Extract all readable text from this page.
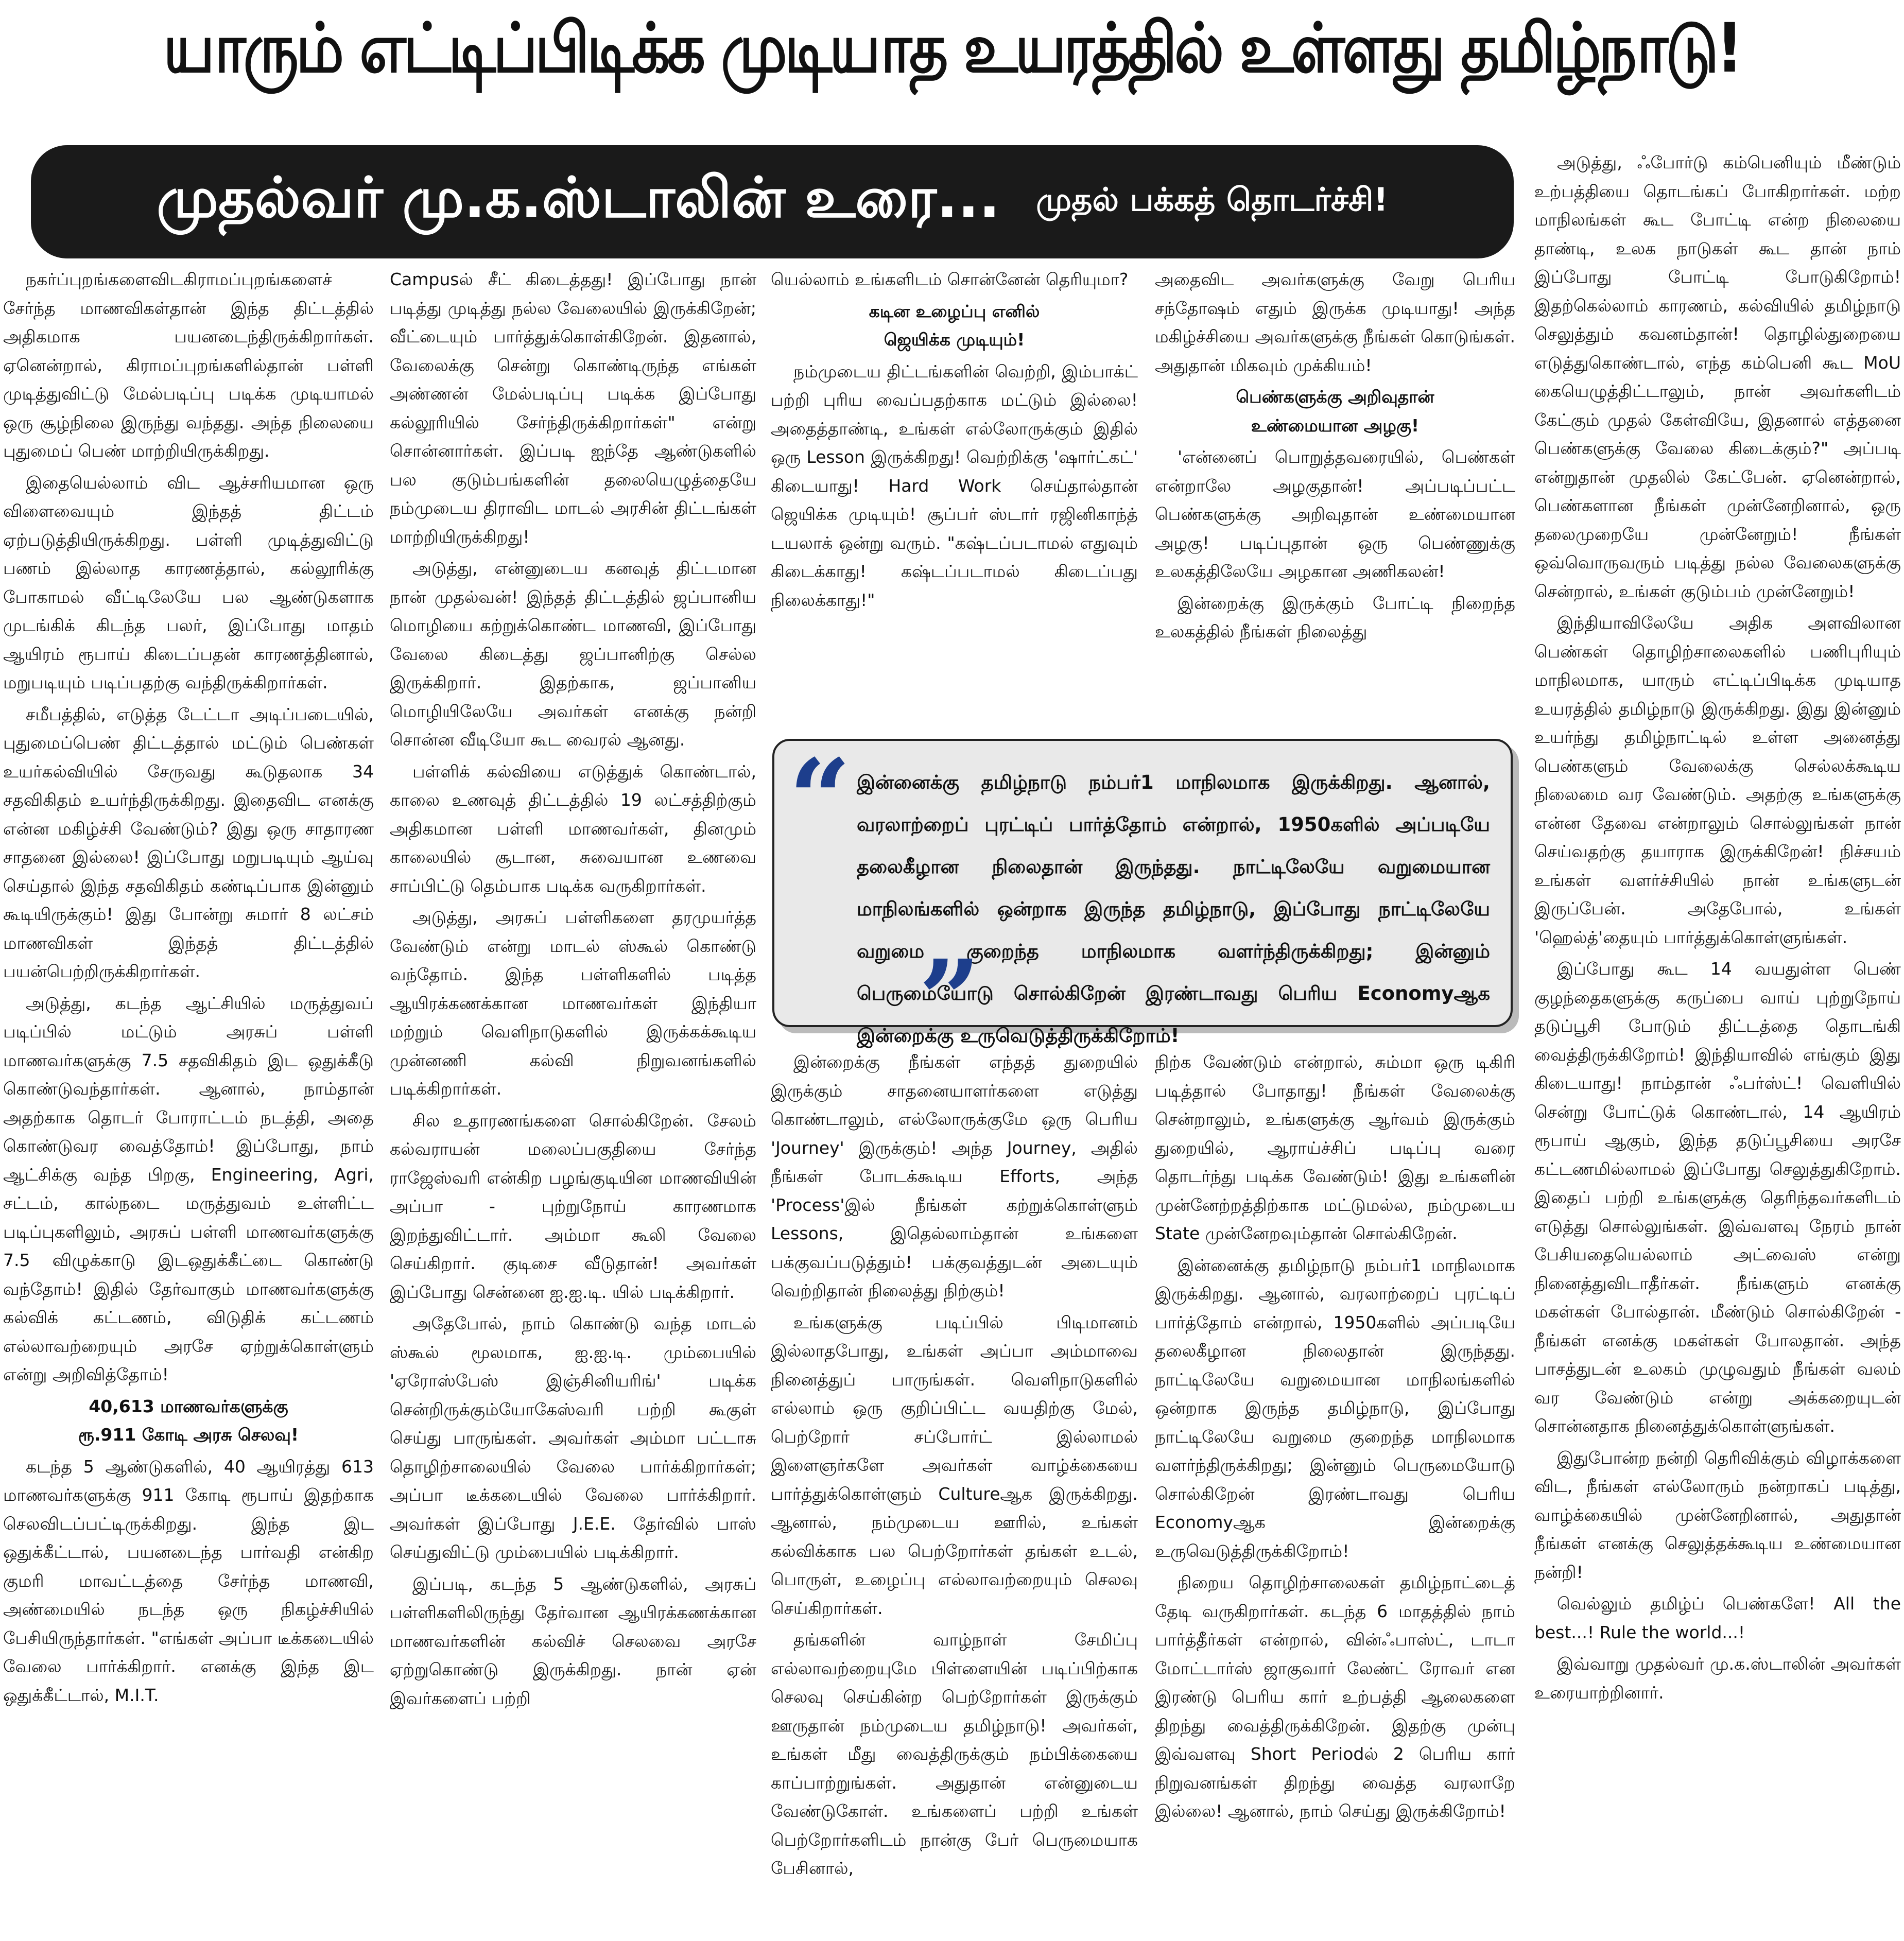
யாரும் எட்டிப்பிடிக்க முடியாத உயரத்தில் உள்ளது தமிழ்நாடு!
முதல்வர் மு.க.ஸ்டாலின் உரை... முதல் பக்கத் தொடர்ச்சி!

நகர்ப்புறங்களைவிடகிராமப்புறங்களைச் சேர்ந்த மாணவிகள்தான் இந்த திட்டத்தில் அதிகமாக பயனடைந்திருக்கிறார்கள். ஏனென்றால், கிராமப்புறங்களில்தான் பள்ளி முடித்துவிட்டு மேல்படிப்பு படிக்க முடியாமல் ஒரு சூழ்நிலை இருந்து வந்தது. அந்த நிலையை புதுமைப் பெண் மாற்றியிருக்கிறது.

இதையெல்லாம் விட ஆச்சரியமான ஒரு விளைவையும் இந்தத் திட்டம் ஏற்படுத்தியிருக்கிறது. பள்ளி முடித்துவிட்டு பணம் இல்லாத காரணத்தால், கல்லூரிக்கு போகாமல் வீட்டிலேயே பல ஆண்டுகளாக முடங்கிக் கிடந்த பலர், இப்போது மாதம் ஆயிரம் ரூபாய் கிடைப்பதன் காரணத்தினால், மறுபடியும் படிப்பதற்கு வந்திருக்கிறார்கள்.

சமீபத்தில், எடுத்த டேட்டா அடிப்படையில், புதுமைப்பெண் திட்டத்தால் மட்டும் பெண்கள் உயர்கல்வியில் சேருவது கூடுதலாக 34 சதவிகிதம் உயர்ந்திருக்கிறது. இதைவிட எனக்கு என்ன மகிழ்ச்சி வேண்டும்? இது ஒரு சாதாரண சாதனை இல்லை! இப்போது மறுபடியும் ஆய்வு செய்தால் இந்த சதவிகிதம் கண்டிப்பாக இன்னும் கூடியிருக்கும்! இது போன்று சுமார் 8 லட்சம் மாணவிகள் இந்தத் திட்டத்தில் பயன்பெற்றிருக்கிறார்கள்.

அடுத்து, கடந்த ஆட்சியில் மருத்துவப் படிப்பில் மட்டும் அரசுப் பள்ளி மாணவர்களுக்கு 7.5 சதவிகிதம் இட ஒதுக்கீடு கொண்டுவந்தார்கள். ஆனால், நாம்தான் அதற்காக தொடர் போராட்டம் நடத்தி, அதை கொண்டுவர வைத்தோம்! இப்போது, நாம் ஆட்சிக்கு வந்த பிறகு, Engineering, Agri, சட்டம், கால்நடை மருத்துவம் உள்ளிட்ட படிப்புகளிலும், அரசுப் பள்ளி மாணவர்களுக்கு 7.5 விழுக்காடு இடஒதுக்கீட்டை கொண்டு வந்தோம்! இதில் தேர்வாகும் மாணவர்களுக்கு கல்விக் கட்டணம், விடுதிக் கட்டணம் எல்லாவற்றையும் அரசே ஏற்றுக்கொள்ளும் என்று அறிவித்தோம்!

40,613 மாணவர்களுக்கு
ரூ.911 கோடி அரசு செலவு!

கடந்த 5 ஆண்டுகளில், 40 ஆயிரத்து 613 மாணவர்களுக்கு 911 கோடி ரூபாய் இதற்காக செலவிடப்பட்டிருக்கிறது. இந்த இட ஒதுக்கீட்டால், பயனடைந்த பார்வதி என்கிற குமரி மாவட்டத்தை சேர்ந்த மாணவி, அண்மையில் நடந்த ஒரு நிகழ்ச்சியில் பேசியிருந்தார்கள். "எங்கள் அப்பா டீக்கடையில் வேலை பார்க்கிறார். எனக்கு இந்த இட ஒதுக்கீட்டால், M.I.T.

Campusல் சீட் கிடைத்தது! இப்போது நான் படித்து முடித்து நல்ல வேலையில் இருக்கிறேன்; வீட்டையும் பார்த்துக்கொள்கிறேன். இதனால், வேலைக்கு சென்று கொண்டிருந்த எங்கள் அண்ணன் மேல்படிப்பு படிக்க இப்போது கல்லூரியில் சேர்ந்திருக்கிறார்கள்" என்று சொன்னார்கள். இப்படி ஐந்தே ஆண்டுகளில் பல குடும்பங்களின் தலையெழுத்தையே நம்முடைய திராவிட மாடல் அரசின் திட்டங்கள் மாற்றியிருக்கிறது!

அடுத்து, என்னுடைய கனவுத் திட்டமான நான் முதல்வன்! இந்தத் திட்டத்தில் ஜப்பானிய மொழியை கற்றுக்கொண்ட மாணவி, இப்போது வேலை கிடைத்து ஜப்பானிற்கு செல்ல இருக்கிறார். இதற்காக, ஜப்பானிய மொழியிலேயே அவர்கள் எனக்கு நன்றி சொன்ன வீடியோ கூட வைரல் ஆனது.

பள்ளிக் கல்வியை எடுத்துக் கொண்டால், காலை உணவுத் திட்டத்தில் 19 லட்சத்திற்கும் அதிகமான பள்ளி மாணவர்கள், தினமும் காலையில் சூடான, சுவையான உணவை சாப்பிட்டு தெம்பாக படிக்க வருகிறார்கள்.

அடுத்து, அரசுப் பள்ளிகளை தரமுயர்த்த வேண்டும் என்று மாடல் ஸ்கூல் கொண்டு வந்தோம். இந்த பள்ளிகளில் படித்த ஆயிரக்கணக்கான மாணவர்கள் இந்தியா மற்றும் வெளிநாடுகளில் இருக்கக்கூடிய முன்னணி கல்வி நிறுவனங்களில் படிக்கிறார்கள்.

சில உதாரணங்களை சொல்கிறேன். சேலம் கல்வராயன் மலைப்பகுதியை சேர்ந்த ராஜேஸ்வரி என்கிற பழங்குடியின மாணவியின் அப்பா - புற்றுநோய் காரணமாக இறந்துவிட்டார். அம்மா கூலி வேலை செய்கிறார். குடிசை வீடுதான்! அவர்கள் இப்போது சென்னை ஐ.ஐ.டி. யில் படிக்கிறார்.

அதேபோல், நாம் கொண்டு வந்த மாடல் ஸ்கூல் மூலமாக, ஐ.ஐ.டி. மும்பையில் 'ஏரோஸ்பேஸ் இஞ்சினியரிங்' படிக்க சென்றிருக்கும்யோகேஸ்வரி பற்றி கூகுள் செய்து பாருங்கள். அவர்கள் அம்மா பட்டாசு தொழிற்சாலையில் வேலை பார்க்கிறார்கள்; அப்பா டீக்கடையில் வேலை பார்க்கிறார். அவர்கள் இப்போது J.E.E. தேர்வில் பாஸ் செய்துவிட்டு மும்பையில் படிக்கிறார்.

இப்படி, கடந்த 5 ஆண்டுகளில், அரசுப் பள்ளிகளிலிருந்து தேர்வான ஆயிரக்கணக்கான மாணவர்களின் கல்விச் செலவை அரசே ஏற்றுகொண்டு இருக்கிறது. நான் ஏன் இவர்களைப் பற்றி

யெல்லாம் உங்களிடம் சொன்னேன் தெரியுமா?

கடின உழைப்பு எனில்
ஜெயிக்க முடியும்!

நம்முடைய திட்டங்களின் வெற்றி, இம்பாக்ட் பற்றி புரிய வைப்பதற்காக மட்டும் இல்லை! அதைத்தாண்டி, உங்கள் எல்லோருக்கும் இதில் ஒரு Lesson இருக்கிறது! வெற்றிக்கு 'ஷார்ட்கட்' கிடையாது! Hard Work செய்தால்தான் ஜெயிக்க முடியும்! சூப்பர் ஸ்டார் ரஜினிகாந்த் டயலாக் ஒன்று வரும். "கஷ்டப்படாமல் எதுவும் கிடைக்காது! கஷ்டப்படாமல் கிடைப்பது நிலைக்காது!"

அதைவிட அவர்களுக்கு வேறு பெரிய சந்தோஷம் எதும் இருக்க முடியாது! அந்த மகிழ்ச்சியை அவர்களுக்கு நீங்கள் கொடுங்கள். அதுதான் மிகவும் முக்கியம்!

பெண்களுக்கு அறிவுதான்
உண்மையான அழகு!

'என்னைப் பொறுத்தவரையில், பெண்கள் என்றாலே அழகுதான்! அப்படிப்பட்ட பெண்களுக்கு அறிவுதான் உண்மையான அழகு! படிப்புதான் ஒரு பெண்ணுக்கு உலகத்திலேயே அழகான அணிகலன்!

இன்றைக்கு இருக்கும் போட்டி நிறைந்த உலகத்தில் நீங்கள் நிலைத்து

“ இன்னைக்கு தமிழ்நாடு நம்பர்1 மாநிலமாக இருக்கிறது. ஆனால், வரலாற்றைப் புரட்டிப் பார்த்தோம் என்றால், 1950களில் அப்படியே தலைகீழான நிலைதான் இருந்தது. நாட்டிலேயே வறுமையான மாநிலங்களில் ஒன்றாக இருந்த தமிழ்நாடு, இப்போது நாட்டிலேயே வறுமை குறைந்த மாநிலமாக வளர்ந்திருக்கிறது; இன்னும் பெருமையோடு சொல்கிறேன் இரண்டாவது பெரிய Economyஆக இன்றைக்கு உருவெடுத்திருக்கிறோம்!
”

இன்றைக்கு நீங்கள் எந்தத் துறையில் இருக்கும் சாதனையாளர்களை எடுத்து கொண்டாலும், எல்லோருக்குமே ஒரு பெரிய 'Journey' இருக்கும்! அந்த Journey, அதில் நீங்கள் போடக்கூடிய Efforts, அந்த 'Process'இல் நீங்கள் கற்றுக்கொள்ளும் Lessons, இதெல்லாம்தான் உங்களை பக்குவப்படுத்தும்! பக்குவத்துடன் அடையும் வெற்றிதான் நிலைத்து நிற்கும்!

உங்களுக்கு படிப்பில் பிடிமானம் இல்லாதபோது, உங்கள் அப்பா அம்மாவை நினைத்துப் பாருங்கள். வெளிநாடுகளில் எல்லாம் ஒரு குறிப்பிட்ட வயதிற்கு மேல், பெற்றோர் சப்போர்ட் இல்லாமல் இளைஞர்களே அவர்கள் வாழ்க்கையை பார்த்துக்கொள்ளும் Cultureஆக இருக்கிறது. ஆனால், நம்முடைய ஊரில், உங்கள் கல்விக்காக பல பெற்றோர்கள் தங்கள் உடல், பொருள், உழைப்பு எல்லாவற்றையும் செலவு செய்கிறார்கள்.

தங்களின் வாழ்நாள் சேமிப்பு எல்லாவற்றையுமே பிள்ளையின் படிப்பிற்காக செலவு செய்கின்ற பெற்றோர்கள் இருக்கும் ஊருதான் நம்முடைய தமிழ்நாடு! அவர்கள், உங்கள் மீது வைத்திருக்கும் நம்பிக்கையை காப்பாற்றுங்கள். அதுதான் என்னுடைய வேண்டுகோள். உங்களைப் பற்றி உங்கள் பெற்றோர்களிடம் நான்கு பேர் பெருமையாக பேசினால்,

நிற்க வேண்டும் என்றால், சும்மா ஒரு டிகிரி படித்தால் போதாது! நீங்கள் வேலைக்கு சென்றாலும், உங்களுக்கு ஆர்வம் இருக்கும் துறையில், ஆராய்ச்சிப் படிப்பு வரை தொடர்ந்து படிக்க வேண்டும்! இது உங்களின் முன்னேற்றத்திற்காக மட்டுமல்ல, நம்முடைய State முன்னேறவும்தான் சொல்கிறேன்.

இன்னைக்கு தமிழ்நாடு நம்பர்1 மாநிலமாக இருக்கிறது. ஆனால், வரலாற்றைப் புரட்டிப் பார்த்தோம் என்றால், 1950களில் அப்படியே தலைகீழான நிலைதான் இருந்தது. நாட்டிலேயே வறுமையான மாநிலங்களில் ஒன்றாக இருந்த தமிழ்நாடு, இப்போது நாட்டிலேயே வறுமை குறைந்த மாநிலமாக வளர்ந்திருக்கிறது; இன்னும் பெருமையோடு சொல்கிறேன் இரண்டாவது பெரிய Economyஆக இன்றைக்கு உருவெடுத்திருக்கிறோம்!

நிறைய தொழிற்சாலைகள் தமிழ்நாட்டைத் தேடி வருகிறார்கள். கடந்த 6 மாதத்தில் நாம் பார்த்தீர்கள் என்றால், வின்ஃபாஸ்ட், டாடா மோட்டார்ஸ் ஜாகுவார் லேண்ட் ரோவர் என இரண்டு பெரிய கார் உற்பத்தி ஆலைகளை திறந்து வைத்திருக்கிறேன். இதற்கு முன்பு இவ்வளவு Short Periodல் 2 பெரிய கார் நிறுவனங்கள் திறந்து வைத்த வரலாறே இல்லை! ஆனால், நாம் செய்து இருக்கிறோம்!

அடுத்து, ஃபோர்டு கம்பெனியும் மீண்டும் உற்பத்தியை தொடங்கப் போகிறார்கள். மற்ற மாநிலங்கள் கூட போட்டி என்ற நிலையை தாண்டி, உலக நாடுகள் கூட தான் நாம் இப்போது போட்டி போடுகிறோம்! இதற்கெல்லாம் காரணம், கல்வியில் தமிழ்நாடு செலுத்தும் கவனம்தான்! தொழில்துறையை எடுத்துகொண்டால், எந்த கம்பெனி கூட MoU கையெழுத்திட்டாலும், நான் அவர்களிடம் கேட்கும் முதல் கேள்வியே, இதனால் எத்தனை பெண்களுக்கு வேலை கிடைக்கும்?" அப்படி என்றுதான் முதலில் கேட்பேன். ஏனென்றால், பெண்களான நீங்கள் முன்னேறினால், ஒரு தலைமுறையே முன்னேறும்! நீங்கள் ஒவ்வொருவரும் படித்து நல்ல வேலைகளுக்கு சென்றால், உங்கள் குடும்பம் முன்னேறும்!

இந்தியாவிலேயே அதிக அளவிலான பெண்கள் தொழிற்சாலைகளில் பணிபுரியும் மாநிலமாக, யாரும் எட்டிப்பிடிக்க முடியாத உயரத்தில் தமிழ்நாடு இருக்கிறது. இது இன்னும் உயர்ந்து தமிழ்நாட்டில் உள்ள அனைத்து பெண்களும் வேலைக்கு செல்லக்கூடிய நிலைமை வர வேண்டும். அதற்கு உங்களுக்கு என்ன தேவை என்றாலும் சொல்லுங்கள் நான் செய்வதற்கு தயாராக இருக்கிறேன்! நிச்சயம் உங்கள் வளர்ச்சியில் நான் உங்களுடன் இருப்பேன். அதேபோல், உங்கள் 'ஹெல்த்'தையும் பார்த்துக்கொள்ளுங்கள்.

இப்போது கூட 14 வயதுள்ள பெண் குழந்தைகளுக்கு கருப்பை வாய் புற்றுநோய் தடுப்பூசி போடும் திட்டத்தை தொடங்கி வைத்திருக்கிறோம்! இந்தியாவில் எங்கும் இது கிடையாது! நாம்தான் ஃபர்ஸ்ட்! வெளியில் சென்று போட்டுக் கொண்டால், 14 ஆயிரம் ரூபாய் ஆகும், இந்த தடுப்பூசியை அரசே கட்டணமில்லாமல் இப்போது செலுத்துகிறோம். இதைப் பற்றி உங்களுக்கு தெரிந்தவர்களிடம் எடுத்து சொல்லுங்கள். இவ்வளவு நேரம் நான் பேசியதையெல்லாம் அட்வைஸ் என்று நினைத்துவிடாதீர்கள். நீங்களும் எனக்கு மகள்கள் போல்தான். மீண்டும் சொல்கிறேன் - நீங்கள் எனக்கு மகள்கள் போலதான். அந்த பாசத்துடன் உலகம் முழுவதும் நீங்கள் வலம் வர வேண்டும் என்று அக்கறையுடன் சொன்னதாக நினைத்துக்கொள்ளுங்கள்.

இதுபோன்ற நன்றி தெரிவிக்கும் விழாக்களை விட, நீங்கள் எல்லோரும் நன்றாகப் படித்து, வாழ்க்கையில் முன்னேறினால், அதுதான் நீங்கள் எனக்கு செலுத்தக்கூடிய உண்மையான நன்றி!

வெல்லும் தமிழ்ப் பெண்களே! All the best...! Rule the world...!

இவ்வாறு முதல்வர் மு.க.ஸ்டாலின் அவர்கள் உரையாற்றினார்.
